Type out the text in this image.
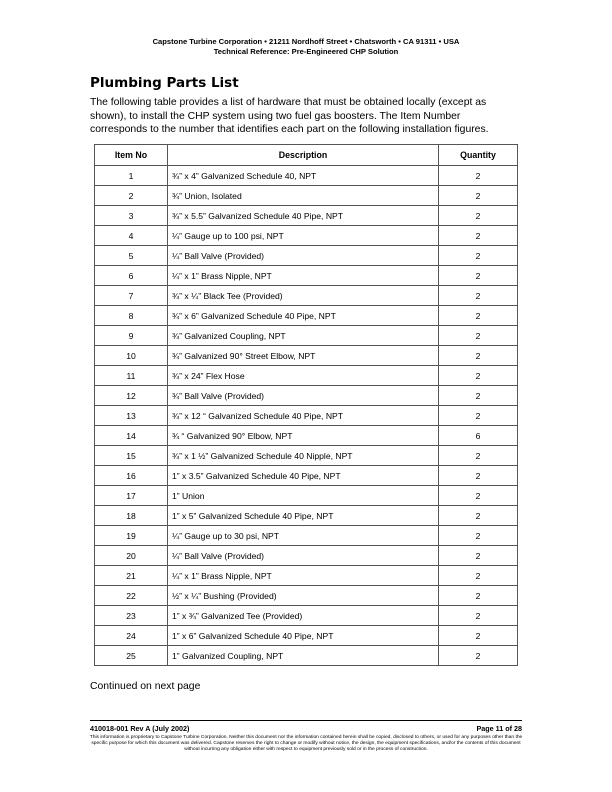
Capstone Turbine Corporation • 21211 Nordhoff Street • Chatsworth • CA 91311 • USA
Technical Reference: Pre-Engineered CHP Solution
Plumbing Parts List
The following table provides a list of hardware that must be obtained locally (except as shown), to install the CHP system using two fuel gas boosters. The Item Number corresponds to the number that identifies each part on the following installation figures.
Item No	Description	Quantity
1	¾” x 4” Galvanized Schedule 40, NPT	2
2	¾” Union, Isolated	2
3	¾” x 5.5” Galvanized Schedule 40 Pipe, NPT	2
4	¼” Gauge up to 100 psi, NPT	2
5	¼” Ball Valve (Provided)	2
6	¼” x 1” Brass Nipple, NPT	2
7	¾” x ¼” Black Tee (Provided)	2
8	¾” x 6” Galvanized Schedule 40 Pipe, NPT	2
9	¾” Galvanized Coupling, NPT	2
10	¾” Galvanized 90° Street Elbow, NPT	2
11	¾” x 24” Flex Hose	2
12	¾” Ball Valve (Provided)	2
13	¾” x 12 “ Galvanized Schedule 40 Pipe, NPT	2
14	¾ “ Galvanized 90° Elbow, NPT	6
15	¾” x 1 ½” Galvanized Schedule 40 Nipple, NPT	2
16	1” x 3.5” Galvanized Schedule 40 Pipe, NPT	2
17	1” Union	2
18	1” x 5” Galvanized Schedule 40 Pipe, NPT	2
19	¼” Gauge up to 30 psi, NPT	2
20	¼” Ball Valve (Provided)	2
21	¼” x 1” Brass Nipple, NPT	2
22	½” x ¼” Bushing (Provided)	2
23	1” x ¾” Galvanized Tee (Provided)	2
24	1” x 6” Galvanized Schedule 40 Pipe, NPT	2
25	1” Galvanized Coupling, NPT	2
Continued on next page
410018-001 Rev A (July 2002)	Page 11 of 28
This information is proprietary to Capstone Turbine Corporation. Neither this document nor the information contained herein shall be copied, disclosed to others, or used for any purposes other than the specific purpose for which this document was delivered. Capstone reserves the right to change or modify without notice, the design, the equipment specifications, and/or the contents of this document without incurring any obligation either with respect to equipment previously sold or in the process of construction.
